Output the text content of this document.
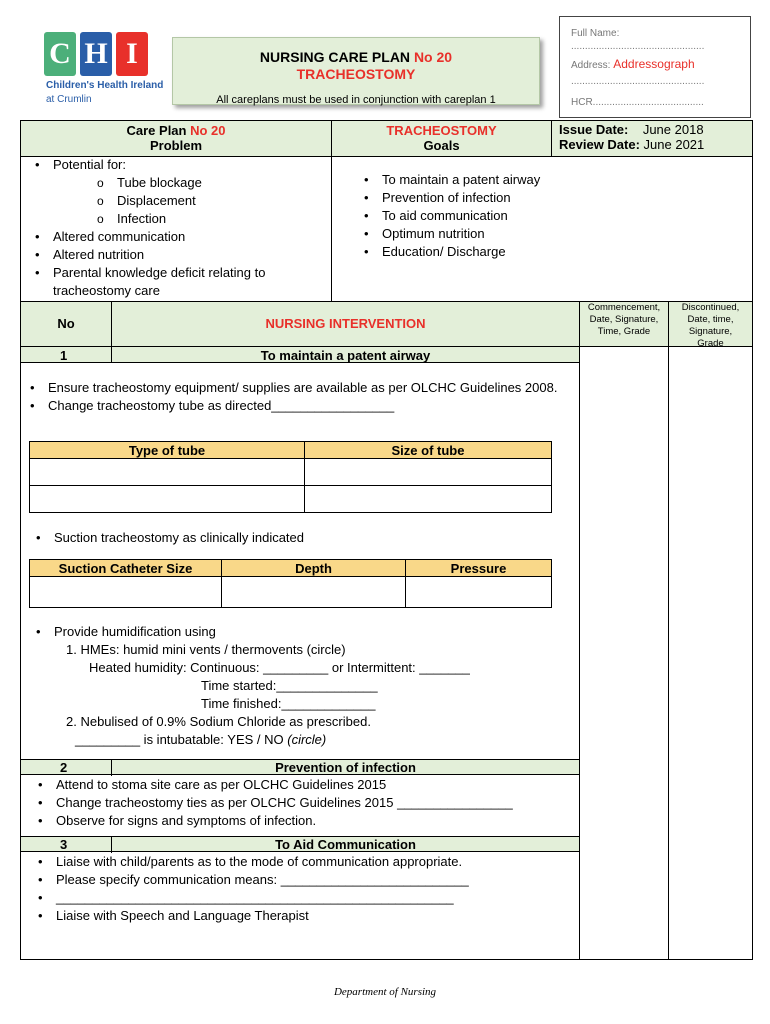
C H I
Children's Health Ireland
at Crumlin
NURSING CARE PLAN No 20
TRACHEOSTOMY
All careplans must be used in conjunction with careplan 1
Full Name:
................................................
Address: Addressograph
................................................
HCR........................................
Care Plan No 20
Problem
TRACHEOSTOMY
Goals
Issue Date: June 2018
Review Date: June 2021
• Potential for:
o Tube blockage
o Displacement
o Infection
• Altered communication
• Altered nutrition
• Parental knowledge deficit relating to tracheostomy care
• To maintain a patent airway
• Prevention of infection
• To aid communication
• Optimum nutrition
• Education/ Discharge
No	NURSING INTERVENTION
Commencement, Date, Signature, Time, Grade
Discontinued, Date, time, Signature, Grade
1	To maintain a patent airway
• Ensure tracheostomy equipment/ supplies are available as per OLCHC Guidelines 2008.
• Change tracheostomy tube as directed_________________
Type of tube	Size of tube

• Suction tracheostomy as clinically indicated
Suction Catheter Size	Depth	Pressure

• Provide humidification using
1. HMEs: humid mini vents / thermovents (circle)
Heated humidity: Continuous: _________ or Intermittent: _______
Time started:______________
Time finished:_____________
2. Nebulised of 0.9% Sodium Chloride as prescribed.
_________ is intubatable: YES / NO (circle)
2	Prevention of infection
• Attend to stoma site care as per OLCHC Guidelines 2015
• Change tracheostomy ties as per OLCHC Guidelines 2015 ________________
• Observe for signs and symptoms of infection.
3	To Aid Communication
• Liaise with child/parents as to the mode of communication appropriate.
• Please specify communication means: __________________________
• _______________________________________________________
• Liaise with Speech and Language Therapist
Department of Nursing
